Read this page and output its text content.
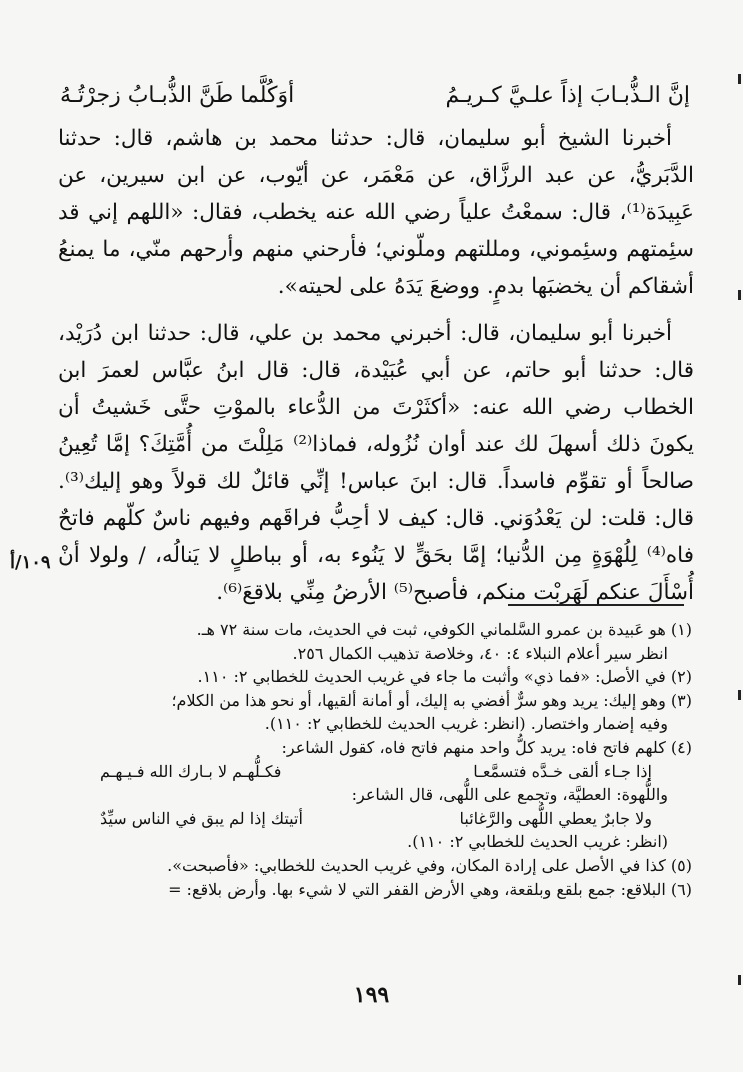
أوَكُلَّما طَنَّ الذُّبـابُ زجرْتُـهُ	إنَّ الـذُّبـابَ إذاً علـيَّ كـريـمُ

أخبرنا الشيخ أبو سليمان، قال: حدثنا محمد بن هاشم، قال: حدثنا الدَّبَريُّ، عن عبد الرزَّاق، عن مَعْمَر، عن أيّوب، عن ابن سيرين، عن عَبِيدَة⁽¹⁾، قال: سمعْتُ علياً رضي الله عنه يخطب، فقال: «اللهم إني قد سئِمتهم وسئِموني، ومللتهم وملّوني؛ فأرحني منهم وأرحهم منّي، ما يمنعُ أشقاكم أن يخضبَها بدمٍ. ووضعَ يَدَهُ على لحيته».

أخبرنا أبو سليمان، قال: أخبرني محمد بن علي، قال: حدثنا ابن دُرَيْد، قال: حدثنا أبو حاتم، عن أبي عُبَيْدة، قال: قال ابنُ عبَّاس لعمرَ ابن الخطاب رضي الله عنه: «أكثَرْتَ من الدُّعاء بالموْتِ حتَّى خَشيتُ أن يكونَ ذلك أسهلَ لك عند أوان نُزُوله، فماذا⁽²⁾ مَلِلْتَ من أُمَّتِكَ؟ إمَّا تُعِينُ صالحاً أو تقوِّم فاسداً. قال: ابنَ عباس! إنِّي قائلٌ لك قولاً وهو إليك⁽³⁾. قال: قلت: لن يَعْدُوَني. قال: كيف لا أحِبُّ فراقَهم وفيهم ناسٌ كلّهم فاتحٌ فاه⁽⁴⁾ لِلُهْوَةٍ مِن الدُّنيا؛ إمَّا بحَقٍّ لا يَنُوء به، أو بباطلٍ لا يَنالُه، / ولولا أنْ أُسْأَلَ عنكم لَهَربْت منكم، فأصبح⁽⁵⁾ الأرضُ مِنِّي بلاقعَ⁽⁶⁾.

١٠٩/أ

(١) هو عَبيدة بن عمرو السَّلماني الكوفي، ثبت في الحديث، مات سنة ٧٢ هـ.

انظر سير أعلام النبلاء ٤: ٤٠، وخلاصة تذهيب الكمال ٢٥٦.

(٢) في الأصل: «فما ذي» وأثبت ما جاء في غريب الحديث للخطابي ٢: ١١٠.

(٣) وهو إليك: يريد وهو سرٌّ أفضي به إليك، أو أمانة ألقيها، أو نحو هذا من الكلام؛

وفيه إضمار واختصار. (انظر: غريب الحديث للخطابي ٢: ١١٠).

(٤) كلهم فاتح فاه: يريد كلُّ واحد منهم فاتح فاه، كقول الشاعر:

فكـلُّهـم لا بـارك الله فـيـهـم	إذا جـاء ألقى خـدَّه فتسمَّعـا

واللُّهوة: العطيَّة، وتجمع على اللُّهى، قال الشاعر:

أتيتك إذا لم يبق في الناس سيِّدٌ	ولا جابرٌ يعطي اللُّهى والرَّغائبا

(انظر: غريب الحديث للخطابي ٢: ١١٠).

(٥) كذا في الأصل على إرادة المكان، وفي غريب الحديث للخطابي: «فأصبحت».

(٦) البلاقع: جمع بلقع وبلقعة، وهي الأرض القفر التي لا شيء بها. وأرض بلاقع: =

١٩٩
